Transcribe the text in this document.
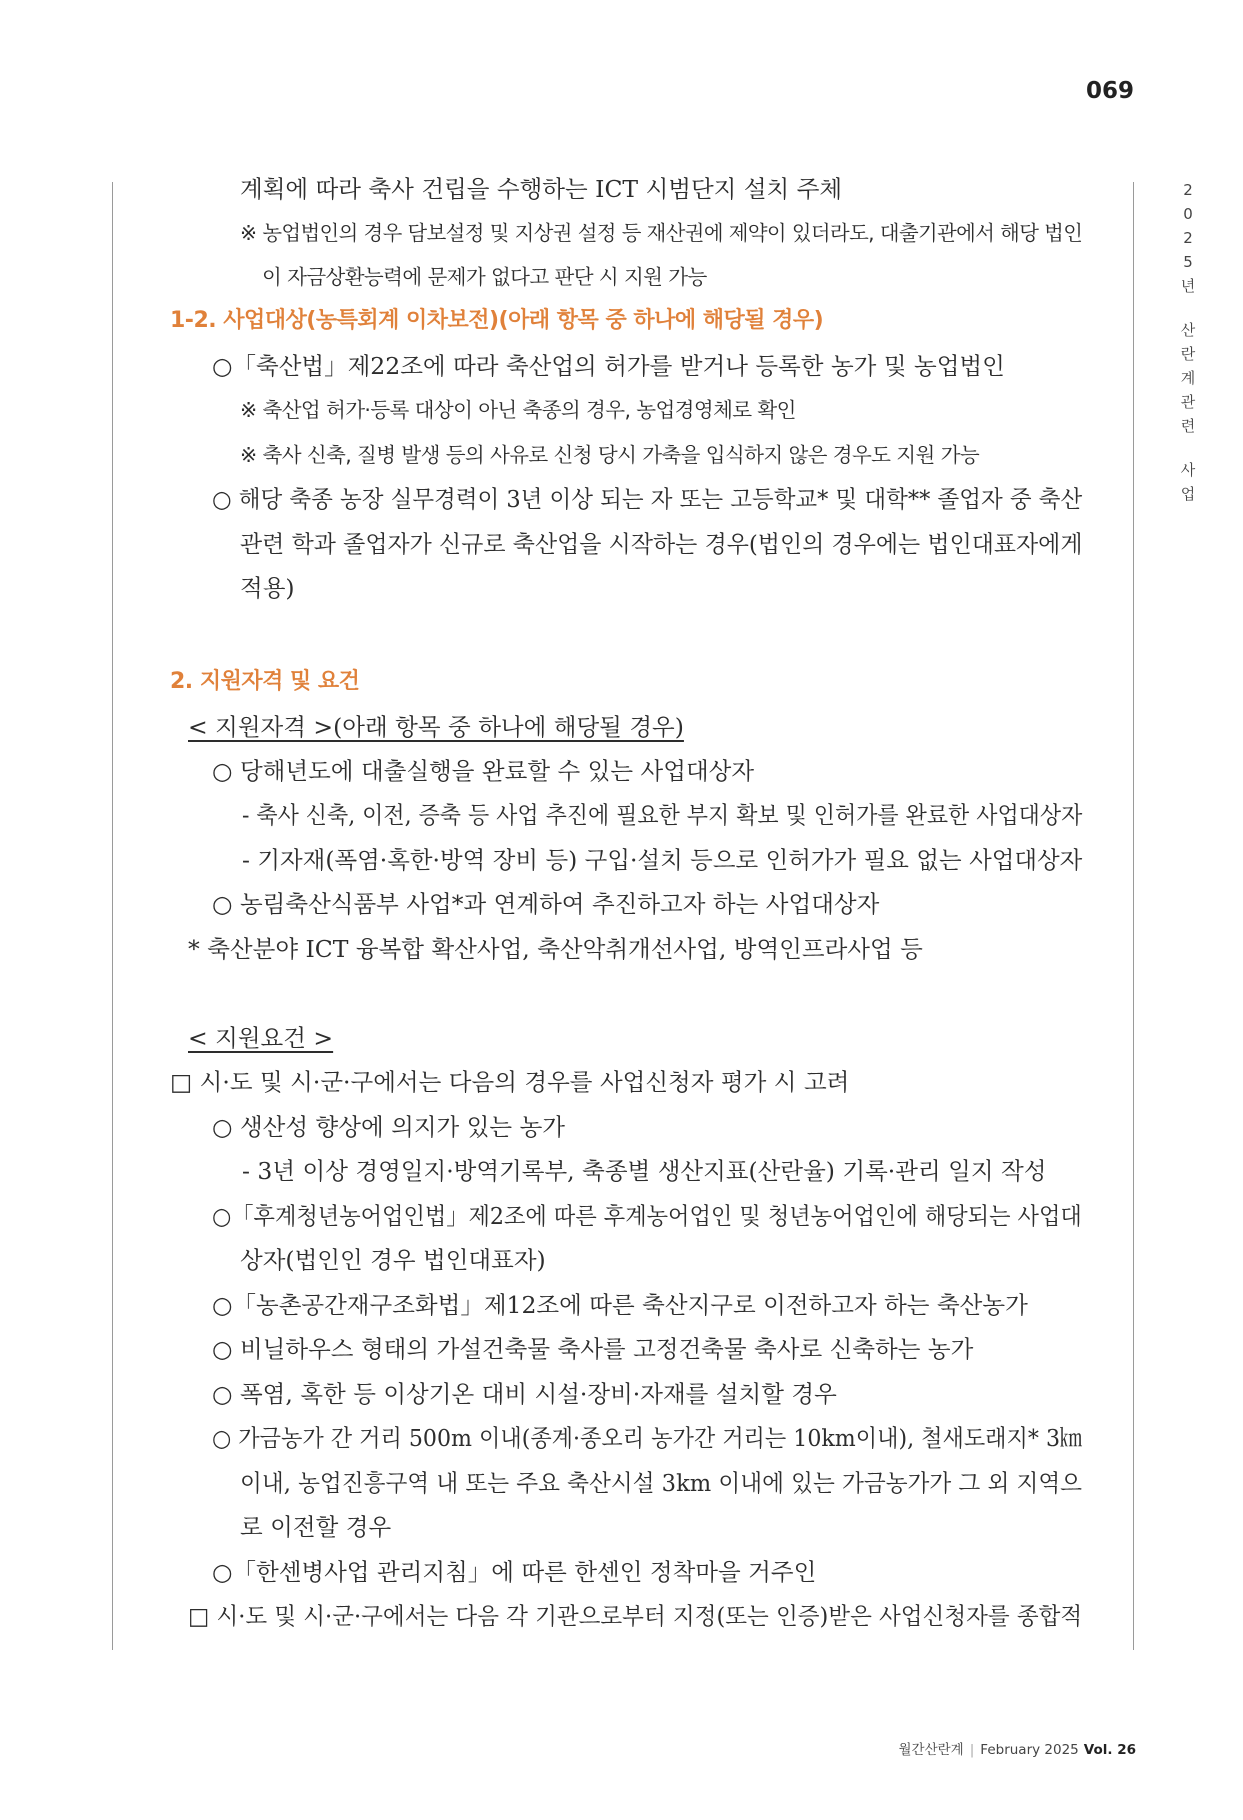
069
2
0
2
5
년
산
란
계
관
련
사
업
계획에 따라 축사 건립을 수행하는 ICT 시범단지 설치 주체
※ 농업법인의 경우 담보설정 및 지상권 설정 등 재산권에 제약이 있더라도, 대출기관에서 해당 법인
이 자금상환능력에 문제가 없다고 판단 시 지원 가능
1-2. 사업대상(농특회계 이차보전)(아래 항목 중 하나에 해당될 경우)
○「축산법」제22조에 따라 축산업의 허가를 받거나 등록한 농가 및 농업법인
※ 축산업 허가·등록 대상이 아닌 축종의 경우, 농업경영체로 확인
※ 축사 신축, 질병 발생 등의 사유로 신청 당시 가축을 입식하지 않은 경우도 지원 가능
○ 해당 축종 농장 실무경력이 3년 이상 되는 자 또는 고등학교* 및 대학** 졸업자 중 축산
관련 학과 졸업자가 신규로 축산업을 시작하는 경우(법인의 경우에는 법인대표자에게
적용)
2. 지원자격 및 요건
< 지원자격 >(아래 항목 중 하나에 해당될 경우)
○ 당해년도에 대출실행을 완료할 수 있는 사업대상자
- 축사 신축, 이전, 증축 등 사업 추진에 필요한 부지 확보 및 인허가를 완료한 사업대상자
- 기자재(폭염·혹한·방역 장비 등) 구입·설치 등으로 인허가가 필요 없는 사업대상자
○ 농림축산식품부 사업*과 연계하여 추진하고자 하는 사업대상자
* 축산분야 ICT 융복합 확산사업, 축산악취개선사업, 방역인프라사업 등
< 지원요건 >
□ 시·도 및 시·군·구에서는 다음의 경우를 사업신청자 평가 시 고려
○ 생산성 향상에 의지가 있는 농가
- 3년 이상 경영일지·방역기록부, 축종별 생산지표(산란율) 기록·관리 일지 작성
○「후계청년농어업인법」제2조에 따른 후계농어업인 및 청년농어업인에 해당되는 사업대
상자(법인인 경우 법인대표자)
○「농촌공간재구조화법」제12조에 따른 축산지구로 이전하고자 하는 축산농가
○ 비닐하우스 형태의 가설건축물 축사를 고정건축물 축사로 신축하는 농가
○ 폭염, 혹한 등 이상기온 대비 시설·장비·자재를 설치할 경우
○ 가금농가 간 거리 500m 이내(종계·종오리 농가간 거리는 10km이내), 철새도래지* 3㎞
이내, 농업진흥구역 내 또는 주요 축산시설 3km 이내에 있는 가금농가가 그 외 지역으
로 이전할 경우
○「한센병사업 관리지침」에 따른 한센인 정착마을 거주인
□ 시·도 및 시·군·구에서는 다음 각 기관으로부터 지정(또는 인증)받은 사업신청자를 종합적
월간산란계 | February 2025 Vol. 26
